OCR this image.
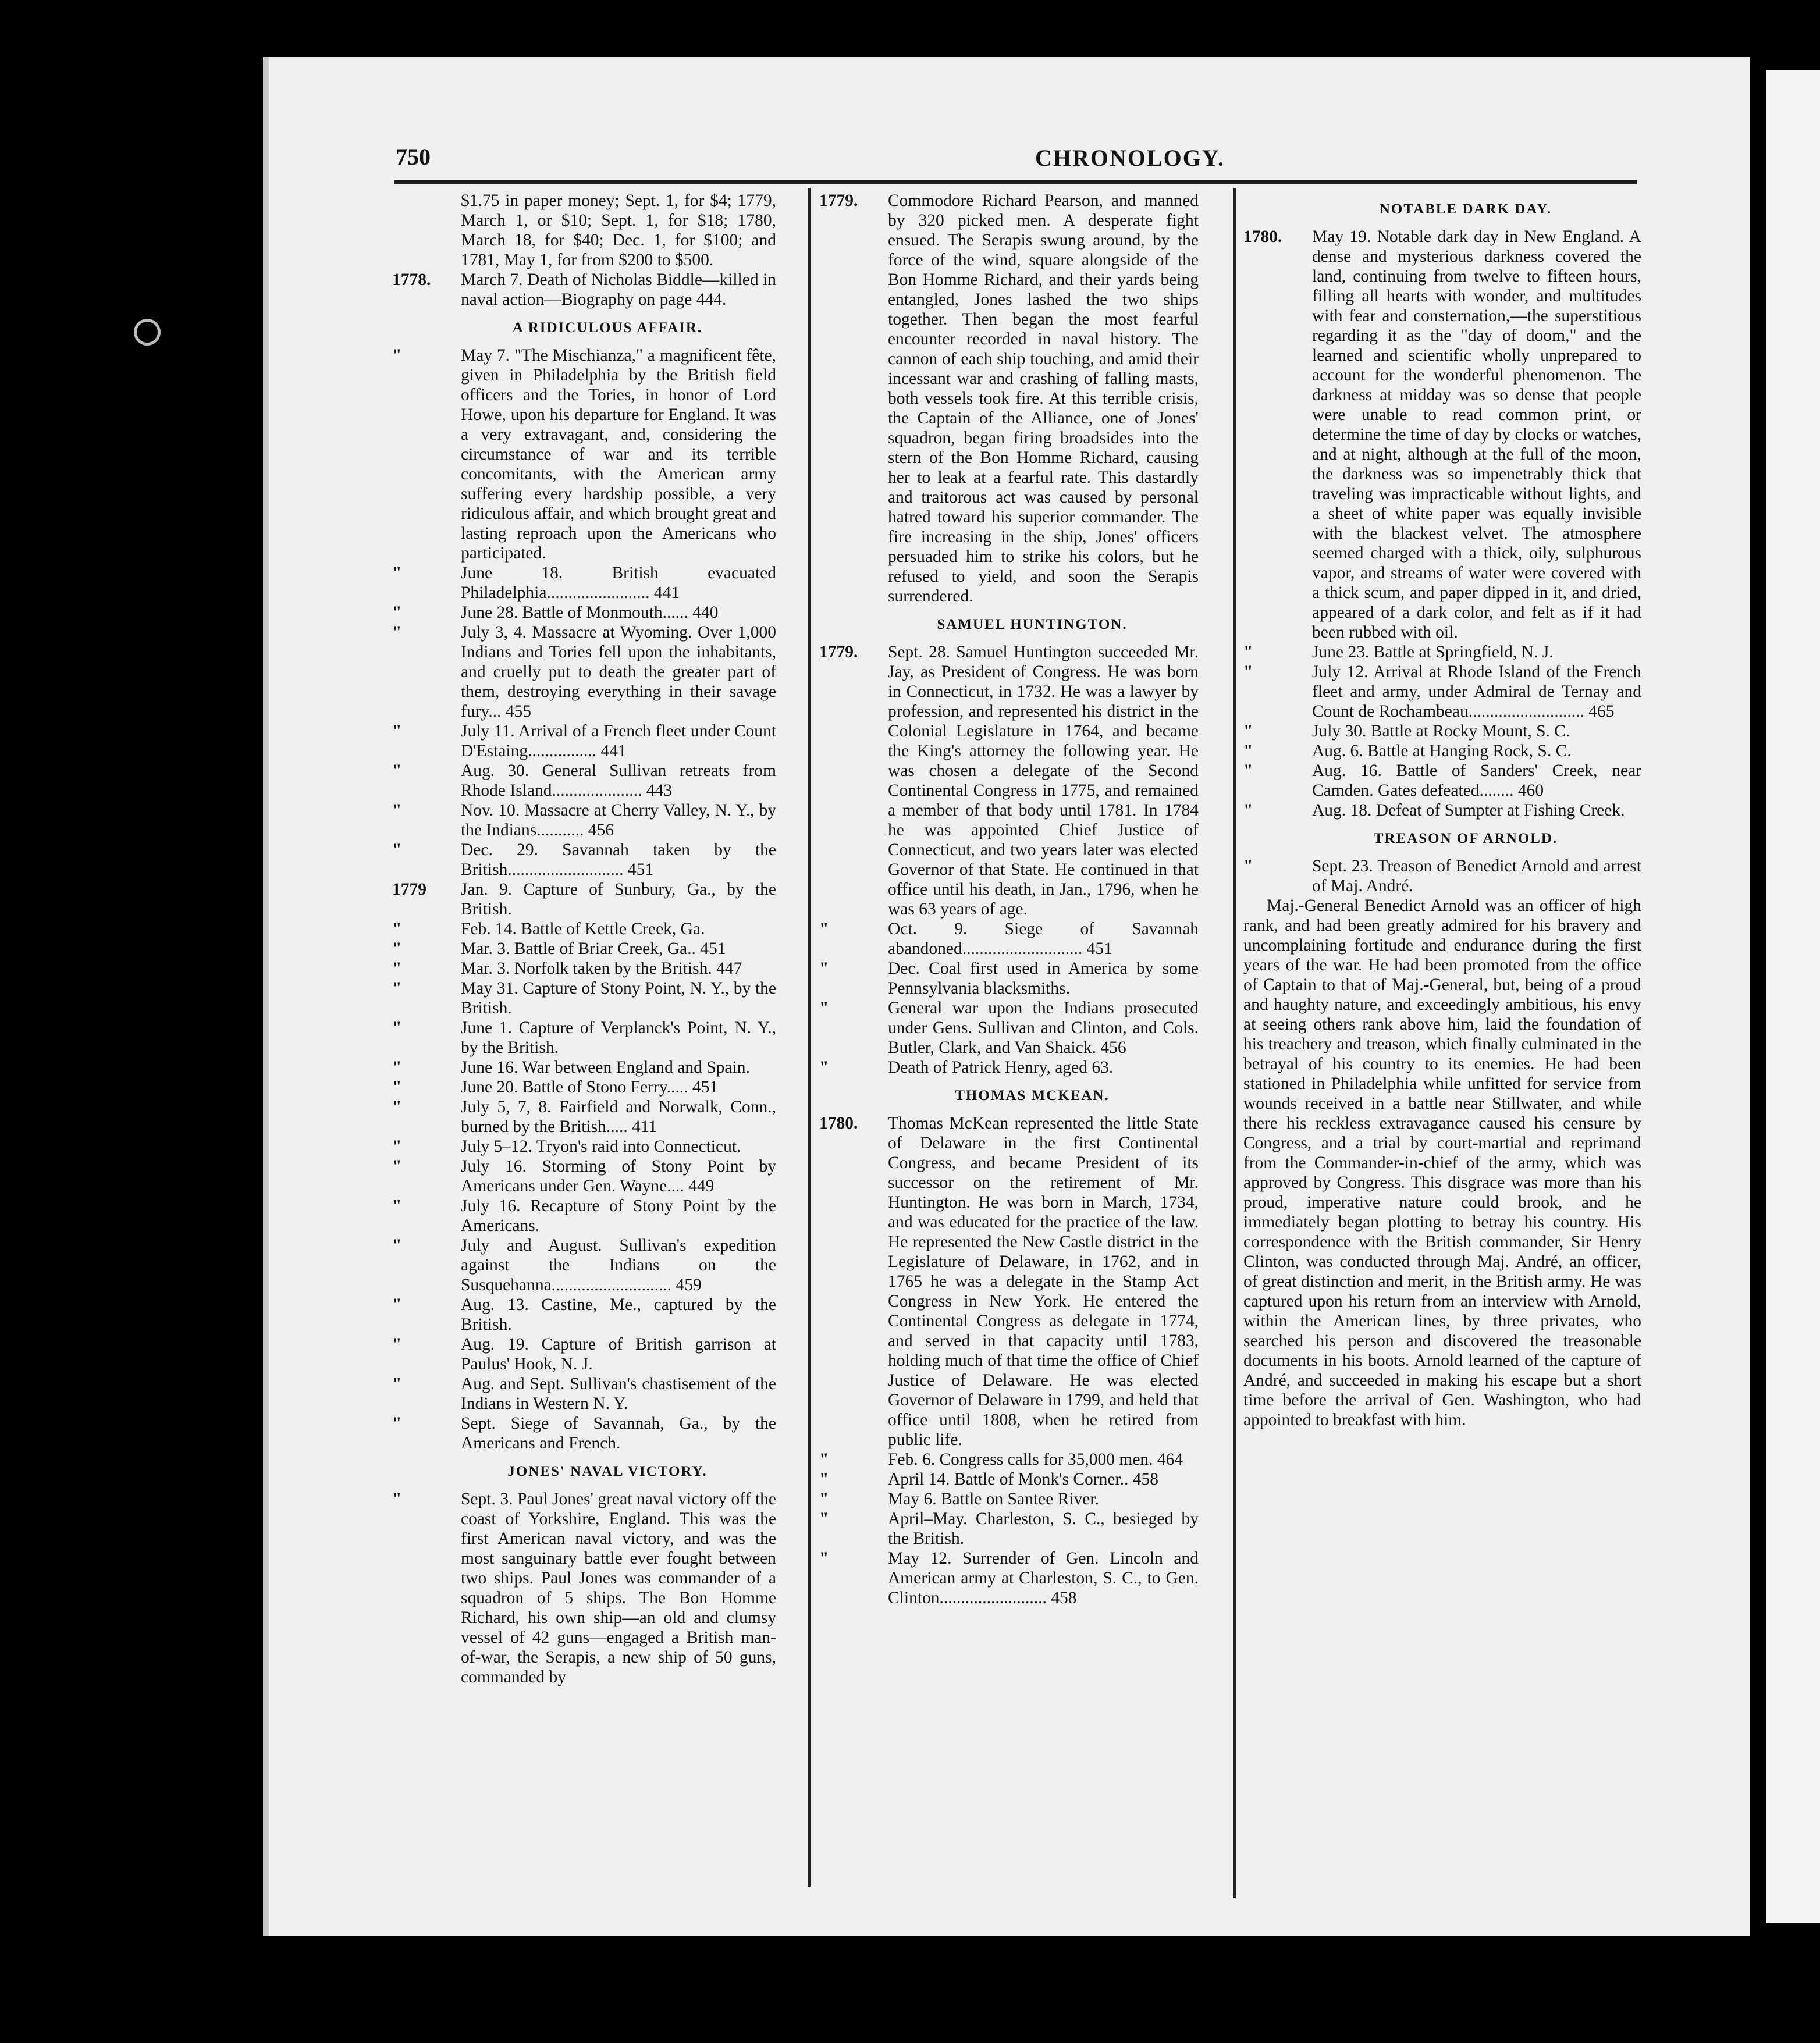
750	CHRONOLOGY.
$1.75 in paper money; Sept. 1, for $4; 1779, March 1, or $10; Sept. 1, for $18; 1780, March 18, for $40; Dec. 1, for $100; and 1781, May 1, for from $200 to $500.
1778.	March 7. Death of Nicholas Biddle—killed in naval action—Biography on page 444.
A RIDICULOUS AFFAIR.
"	May 7. "The Mischianza," a magnificent fête, given in Philadelphia by the British field officers and the Tories, in honor of Lord Howe, upon his departure for England. It was a very extravagant, and, considering the circumstance of war and its terrible concomitants, with the American army suffering every hardship possible, a very ridiculous affair, and which brought great and lasting reproach upon the Americans who participated.
"	June 18. British evacuated Philadelphia........................ 441
"	June 28. Battle of Monmouth...... 440
"	July 3, 4. Massacre at Wyoming. Over 1,000 Indians and Tories fell upon the inhabitants, and cruelly put to death the greater part of them, destroying everything in their savage fury... 455
"	July 11. Arrival of a French fleet under Count D'Estaing................ 441
"	Aug. 30. General Sullivan retreats from Rhode Island..................... 443
"	Nov. 10. Massacre at Cherry Valley, N. Y., by the Indians........... 456
"	Dec. 29. Savannah taken by the British........................... 451
1779	Jan. 9. Capture of Sunbury, Ga., by the British.
"	Feb. 14. Battle of Kettle Creek, Ga.
"	Mar. 3. Battle of Briar Creek, Ga.. 451
"	Mar. 3. Norfolk taken by the British. 447
"	May 31. Capture of Stony Point, N. Y., by the British.
"	June 1. Capture of Verplanck's Point, N. Y., by the British.
"	June 16. War between England and Spain.
"	June 20. Battle of Stono Ferry..... 451
"	July 5, 7, 8. Fairfield and Norwalk, Conn., burned by the British..... 411
"	July 5–12. Tryon's raid into Connecticut.
"	July 16. Storming of Stony Point by Americans under Gen. Wayne.... 449
"	July 16. Recapture of Stony Point by the Americans.
"	July and August. Sullivan's expedition against the Indians on the Susquehanna............................ 459
"	Aug. 13. Castine, Me., captured by the British.
"	Aug. 19. Capture of British garrison at Paulus' Hook, N. J.
"	Aug. and Sept. Sullivan's chastisement of the Indians in Western N. Y.
"	Sept. Siege of Savannah, Ga., by the Americans and French.
JONES' NAVAL VICTORY.
"	Sept. 3. Paul Jones' great naval victory off the coast of Yorkshire, England. This was the first American naval victory, and was the most sanguinary battle ever fought between two ships. Paul Jones was commander of a squadron of 5 ships. The Bon Homme Richard, his own ship—an old and clumsy vessel of 42 guns—engaged a British man-of-war, the Serapis, a new ship of 50 guns, commanded by
1779.	Commodore Richard Pearson, and manned by 320 picked men. A desperate fight ensued. The Serapis swung around, by the force of the wind, square alongside of the Bon Homme Richard, and their yards being entangled, Jones lashed the two ships together. Then began the most fearful encounter recorded in naval history. The cannon of each ship touching, and amid their incessant war and crashing of falling masts, both vessels took fire. At this terrible crisis, the Captain of the Alliance, one of Jones' squadron, began firing broadsides into the stern of the Bon Homme Richard, causing her to leak at a fearful rate. This dastardly and traitorous act was caused by personal hatred toward his superior commander. The fire increasing in the ship, Jones' officers persuaded him to strike his colors, but he refused to yield, and soon the Serapis surrendered.
SAMUEL HUNTINGTON.
1779.	Sept. 28. Samuel Huntington succeeded Mr. Jay, as President of Congress. He was born in Connecticut, in 1732. He was a lawyer by profession, and represented his district in the Colonial Legislature in 1764, and became the King's attorney the following year. He was chosen a delegate of the Second Continental Congress in 1775, and remained a member of that body until 1781. In 1784 he was appointed Chief Justice of Connecticut, and two years later was elected Governor of that State. He continued in that office until his death, in Jan., 1796, when he was 63 years of age.
"	Oct. 9. Siege of Savannah abandoned............................ 451
"	Dec. Coal first used in America by some Pennsylvania blacksmiths.
"	General war upon the Indians prosecuted under Gens. Sullivan and Clinton, and Cols. Butler, Clark, and Van Shaick. 456
"	Death of Patrick Henry, aged 63.
THOMAS MCKEAN.
1780.	Thomas McKean represented the little State of Delaware in the first Continental Congress, and became President of its successor on the retirement of Mr. Huntington. He was born in March, 1734, and was educated for the practice of the law. He represented the New Castle district in the Legislature of Delaware, in 1762, and in 1765 he was a delegate in the Stamp Act Congress in New York. He entered the Continental Congress as delegate in 1774, and served in that capacity until 1783, holding much of that time the office of Chief Justice of Delaware. He was elected Governor of Delaware in 1799, and held that office until 1808, when he retired from public life.
"	Feb. 6. Congress calls for 35,000 men. 464
"	April 14. Battle of Monk's Corner.. 458
"	May 6. Battle on Santee River.
"	April–May. Charleston, S. C., besieged by the British.
"	May 12. Surrender of Gen. Lincoln and American army at Charleston, S. C., to Gen. Clinton......................... 458
NOTABLE DARK DAY.
1780.	May 19. Notable dark day in New England. A dense and mysterious darkness covered the land, continuing from twelve to fifteen hours, filling all hearts with wonder, and multitudes with fear and consternation,—the superstitious regarding it as the "day of doom," and the learned and scientific wholly unprepared to account for the wonderful phenomenon. The darkness at midday was so dense that people were unable to read common print, or determine the time of day by clocks or watches, and at night, although at the full of the moon, the darkness was so impenetrably thick that traveling was impracticable without lights, and a sheet of white paper was equally invisible with the blackest velvet. The atmosphere seemed charged with a thick, oily, sulphurous vapor, and streams of water were covered with a thick scum, and paper dipped in it, and dried, appeared of a dark color, and felt as if it had been rubbed with oil.
"	June 23. Battle at Springfield, N. J.
"	July 12. Arrival at Rhode Island of the French fleet and army, under Admiral de Ternay and Count de Rochambeau........................... 465
"	July 30. Battle at Rocky Mount, S. C.
"	Aug. 6. Battle at Hanging Rock, S. C.
"	Aug. 16. Battle of Sanders' Creek, near Camden. Gates defeated........ 460
"	Aug. 18. Defeat of Sumpter at Fishing Creek.
TREASON OF ARNOLD.
"	Sept. 23. Treason of Benedict Arnold and arrest of Maj. André.
Maj.-General Benedict Arnold was an officer of high rank, and had been greatly admired for his bravery and uncomplaining fortitude and endurance during the first years of the war. He had been promoted from the office of Captain to that of Maj.-General, but, being of a proud and haughty nature, and exceedingly ambitious, his envy at seeing others rank above him, laid the foundation of his treachery and treason, which finally culminated in the betrayal of his country to its enemies. He had been stationed in Philadelphia while unfitted for service from wounds received in a battle near Stillwater, and while there his reckless extravagance caused his censure by Congress, and a trial by court-martial and reprimand from the Commander-in-chief of the army, which was approved by Congress. This disgrace was more than his proud, imperative nature could brook, and he immediately began plotting to betray his country. His correspondence with the British commander, Sir Henry Clinton, was conducted through Maj. André, an officer, of great distinction and merit, in the British army. He was captured upon his return from an interview with Arnold, within the American lines, by three privates, who searched his person and discovered the treasonable documents in his boots. Arnold learned of the capture of André, and succeeded in making his escape but a short time before the arrival of Gen. Washington, who had appointed to breakfast with him.
